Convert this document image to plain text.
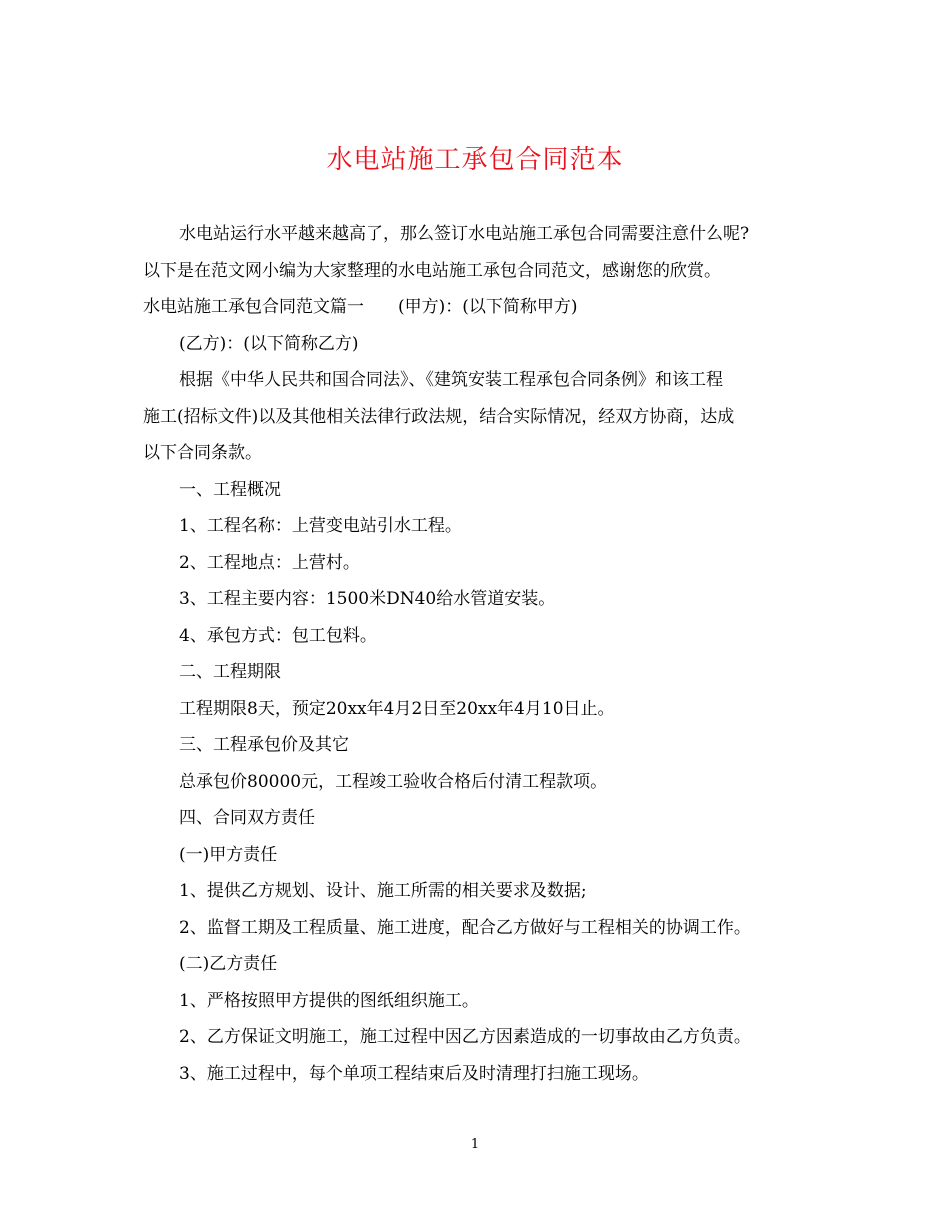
水电站施工承包合同范本

水电站运行水平越来越高了，那么签订水电站施工承包合同需要注意什么呢?

以下是在范文网小编为大家整理的水电站施工承包合同范文，感谢您的欣赏。

水电站施工承包合同范文篇一　　(甲方)：(以下简称甲方)

(乙方)：(以下简称乙方)

根据《中华人民共和国合同法》、《建筑安装工程承包合同条例》和该工程

施工(招标文件)以及其他相关法律行政法规，结合实际情况，经双方协商，达成

以下合同条款。

一、工程概况

1、工程名称：上营变电站引水工程。

2、工程地点：上营村。

3、工程主要内容：1500米DN40给水管道安装。

4、承包方式：包工包料。

二、工程期限

工程期限8天，预定20xx年4月2日至20xx年4月10日止。

三、工程承包价及其它

总承包价80000元，工程竣工验收合格后付清工程款项。

四、合同双方责任

(一)甲方责任

1、提供乙方规划、设计、施工所需的相关要求及数据;

2、监督工期及工程质量、施工进度，配合乙方做好与工程相关的协调工作。

(二)乙方责任

1、严格按照甲方提供的图纸组织施工。

2、乙方保证文明施工，施工过程中因乙方因素造成的一切事故由乙方负责。

3、施工过程中，每个单项工程结束后及时清理打扫施工现场。

1
